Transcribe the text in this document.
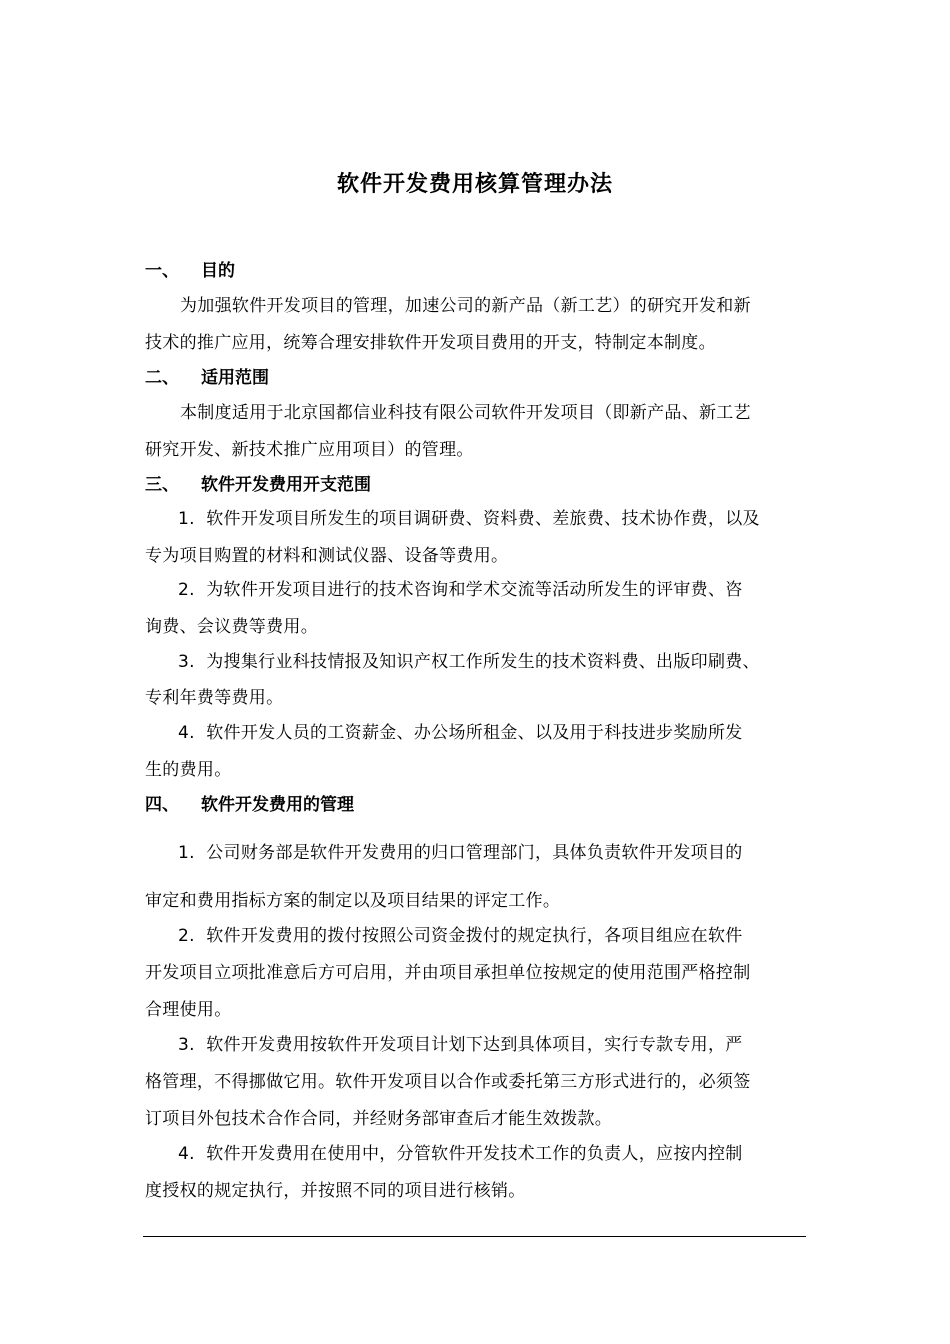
软件开发费用核算管理办法
一、 目的
为加强软件开发项目的管理，加速公司的新产品（新工艺）的研究开发和新
技术的推广应用，统筹合理安排软件开发项目费用的开支，特制定本制度。
二、 适用范围
本制度适用于北京国都信业科技有限公司软件开发项目（即新产品、新工艺
研究开发、新技术推广应用项目）的管理。
三、 软件开发费用开支范围
1. 软件开发项目所发生的项目调研费、资料费、差旅费、技术协作费，以及
专为项目购置的材料和测试仪器、设备等费用。
2. 为软件开发项目进行的技术咨询和学术交流等活动所发生的评审费、咨
询费、会议费等费用。
3. 为搜集行业科技情报及知识产权工作所发生的技术资料费、出版印刷费、
专利年费等费用。
4. 软件开发人员的工资薪金、办公场所租金、以及用于科技进步奖励所发
生的费用。
四、 软件开发费用的管理
1. 公司财务部是软件开发费用的归口管理部门，具体负责软件开发项目的
审定和费用指标方案的制定以及项目结果的评定工作。
2. 软件开发费用的拨付按照公司资金拨付的规定执行，各项目组应在软件
开发项目立项批准意后方可启用，并由项目承担单位按规定的使用范围严格控制
合理使用。
3. 软件开发费用按软件开发项目计划下达到具体项目，实行专款专用，严
格管理，不得挪做它用。软件开发项目以合作或委托第三方形式进行的，必须签
订项目外包技术合作合同，并经财务部审查后才能生效拨款。
4. 软件开发费用在使用中，分管软件开发技术工作的负责人，应按内控制
度授权的规定执行，并按照不同的项目进行核销。
